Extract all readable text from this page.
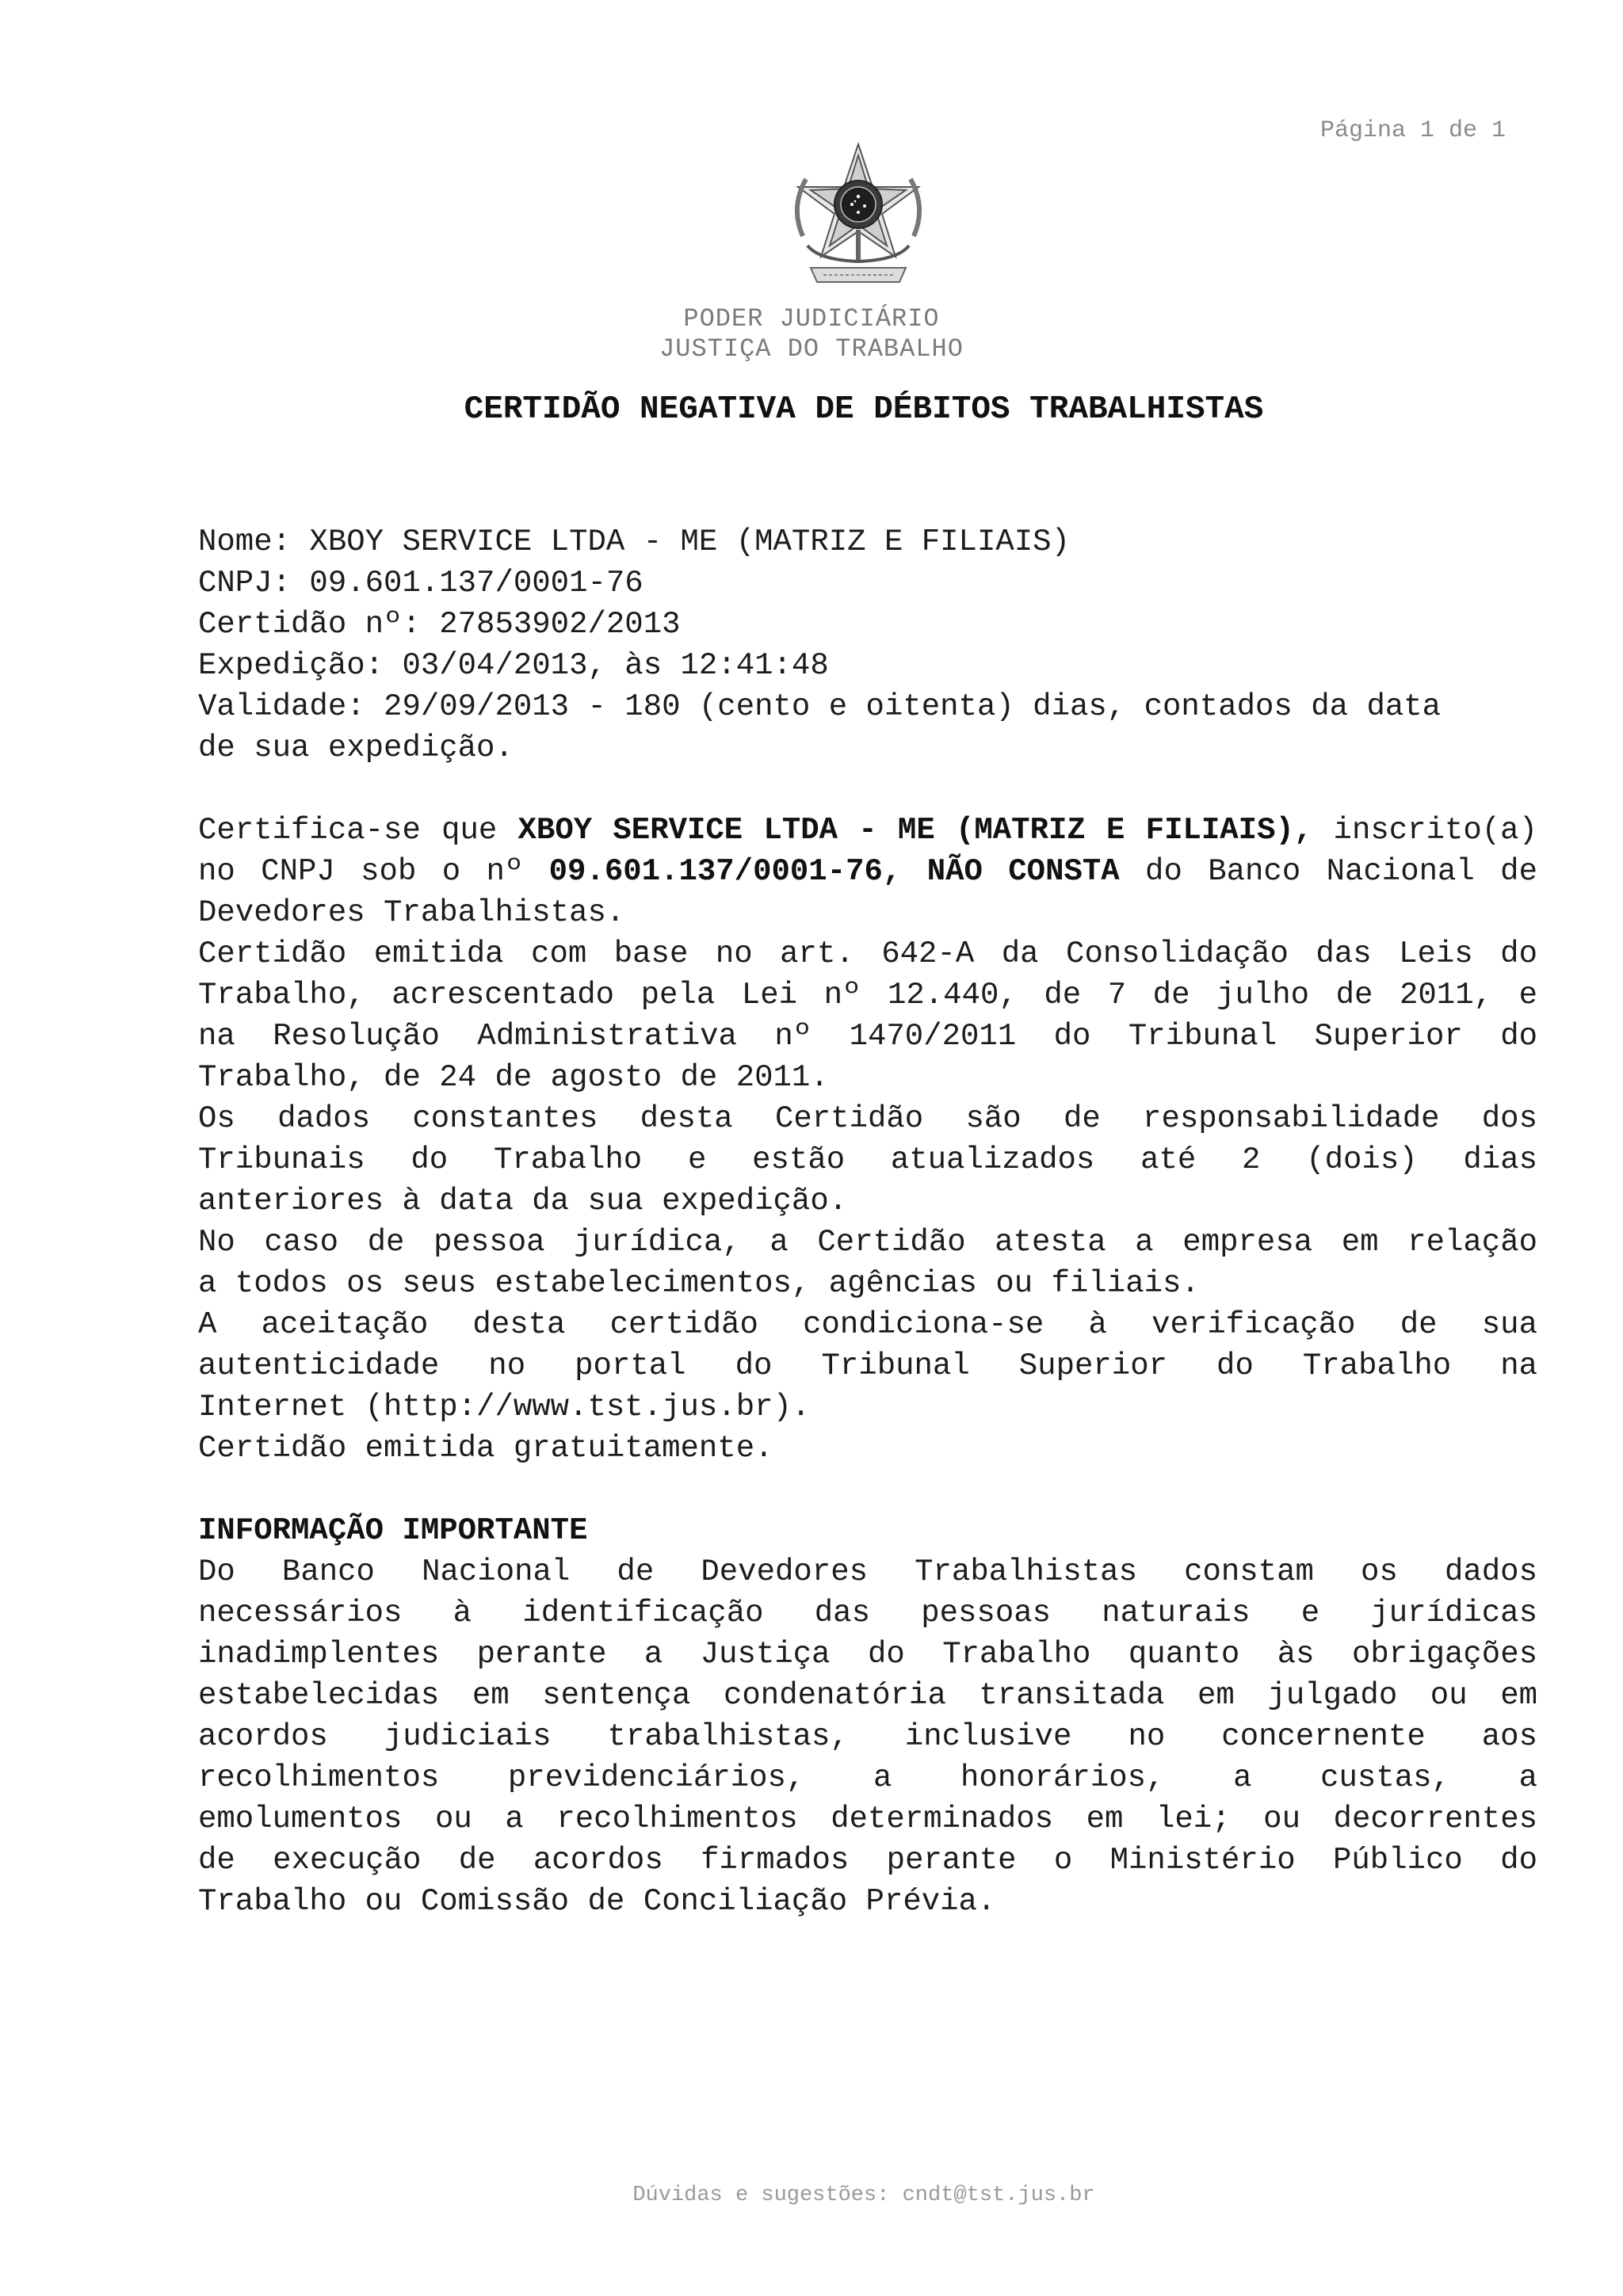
Página 1 de 1
PODER JUDICIÁRIO
JUSTIÇA DO TRABALHO
CERTIDÃO NEGATIVA DE DÉBITOS TRABALHISTAS
Nome: XBOY SERVICE LTDA - ME (MATRIZ E FILIAIS)
CNPJ: 09.601.137/0001-76
Certidão nº: 27853902/2013
Expedição: 03/04/2013, às 12:41:48
Validade: 29/09/2013 - 180 (cento e oitenta) dias, contados da data
de sua expedição.
Certifica-se que XBOY SERVICE LTDA - ME (MATRIZ E FILIAIS), inscrito(a)
no CNPJ sob o nº 09.601.137/0001-76, NÃO CONSTA do Banco Nacional de
Devedores Trabalhistas.
Certidão emitida com base no art. 642-A da Consolidação das Leis do
Trabalho, acrescentado pela Lei nº 12.440, de 7 de julho de 2011, e
na Resolução Administrativa nº 1470/2011 do Tribunal Superior do
Trabalho, de 24 de agosto de 2011.
Os dados constantes desta Certidão são de responsabilidade dos
Tribunais do Trabalho e estão atualizados até 2 (dois) dias
anteriores à data da sua expedição.
No caso de pessoa jurídica, a Certidão atesta a empresa em relação
a todos os seus estabelecimentos, agências ou filiais.
A aceitação desta certidão condiciona-se à verificação de sua
autenticidade no portal do Tribunal Superior do Trabalho na
Internet (http://www.tst.jus.br).
Certidão emitida gratuitamente.
INFORMAÇÃO IMPORTANTE
Do Banco Nacional de Devedores Trabalhistas constam os dados
necessários à identificação das pessoas naturais e jurídicas
inadimplentes perante a Justiça do Trabalho quanto às obrigações
estabelecidas em sentença condenatória transitada em julgado ou em
acordos judiciais trabalhistas, inclusive no concernente aos
recolhimentos previdenciários, a honorários, a custas, a
emolumentos ou a recolhimentos determinados em lei; ou decorrentes
de execução de acordos firmados perante o Ministério Público do
Trabalho ou Comissão de Conciliação Prévia.
Dúvidas e sugestões: cndt@tst.jus.br
